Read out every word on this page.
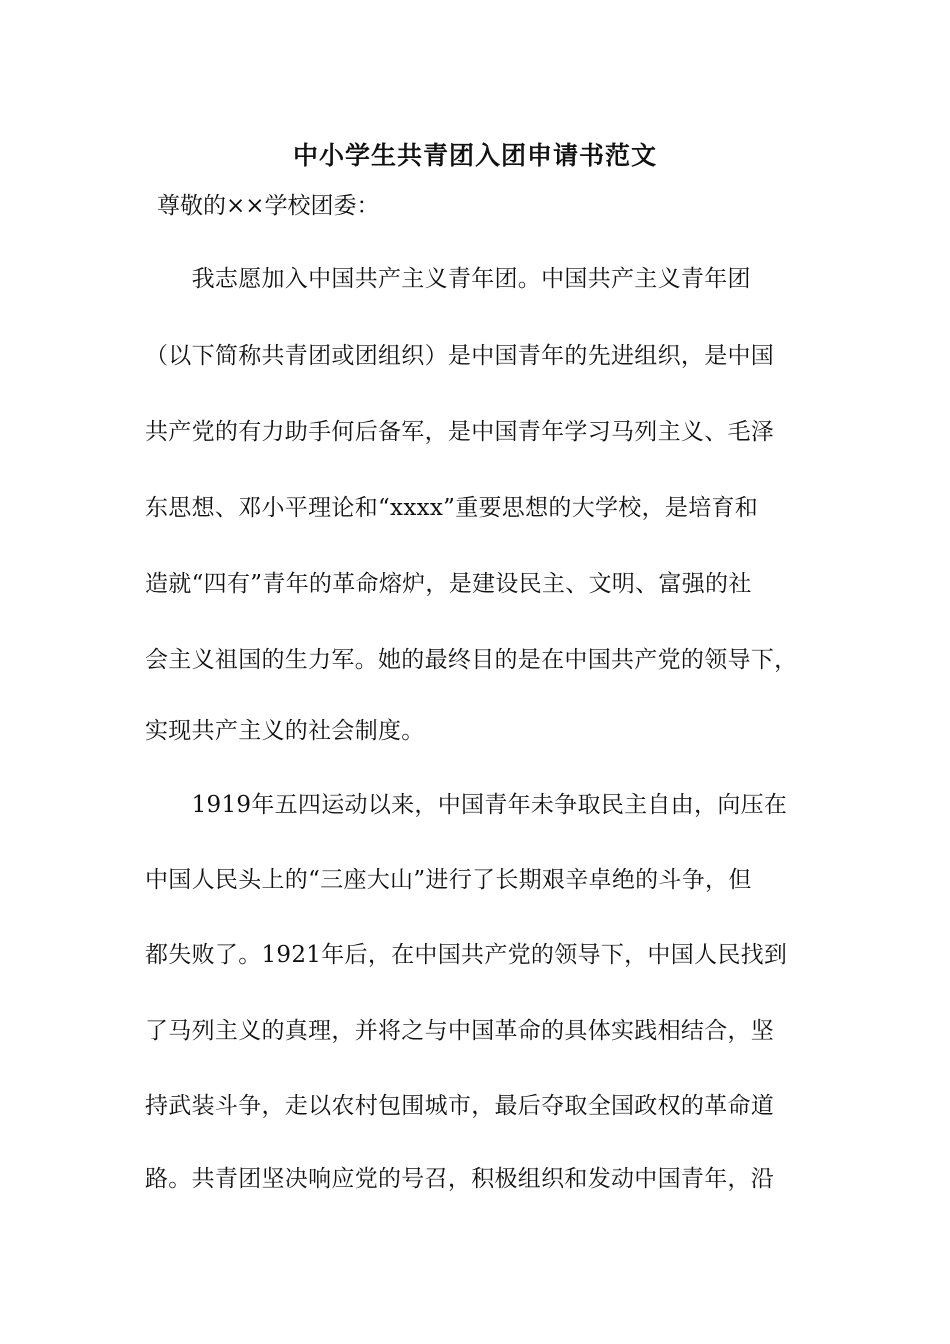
中小学生共青团入团申请书范文
尊敬的××学校团委：
　　我志愿加入中国共产主义青年团。中国共产主义青年团
（以下简称共青团或团组织）是中国青年的先进组织，是中国
共产党的有力助手何后备军，是中国青年学习马列主义、毛泽
东思想、邓小平理论和“xxxx”重要思想的大学校，是培育和
造就“四有”青年的革命熔炉，是建设民主、文明、富强的社
会主义祖国的生力军。她的最终目的是在中国共产党的领导下，
实现共产主义的社会制度。
　　1919年五四运动以来，中国青年未争取民主自由，向压在
中国人民头上的“三座大山”进行了长期艰辛卓绝的斗争，但
都失败了。1921年后，在中国共产党的领导下，中国人民找到
了马列主义的真理，并将之与中国革命的具体实践相结合，坚
持武装斗争，走以农村包围城市，最后夺取全国政权的革命道
路。共青团坚决响应党的号召，积极组织和发动中国青年，沿
